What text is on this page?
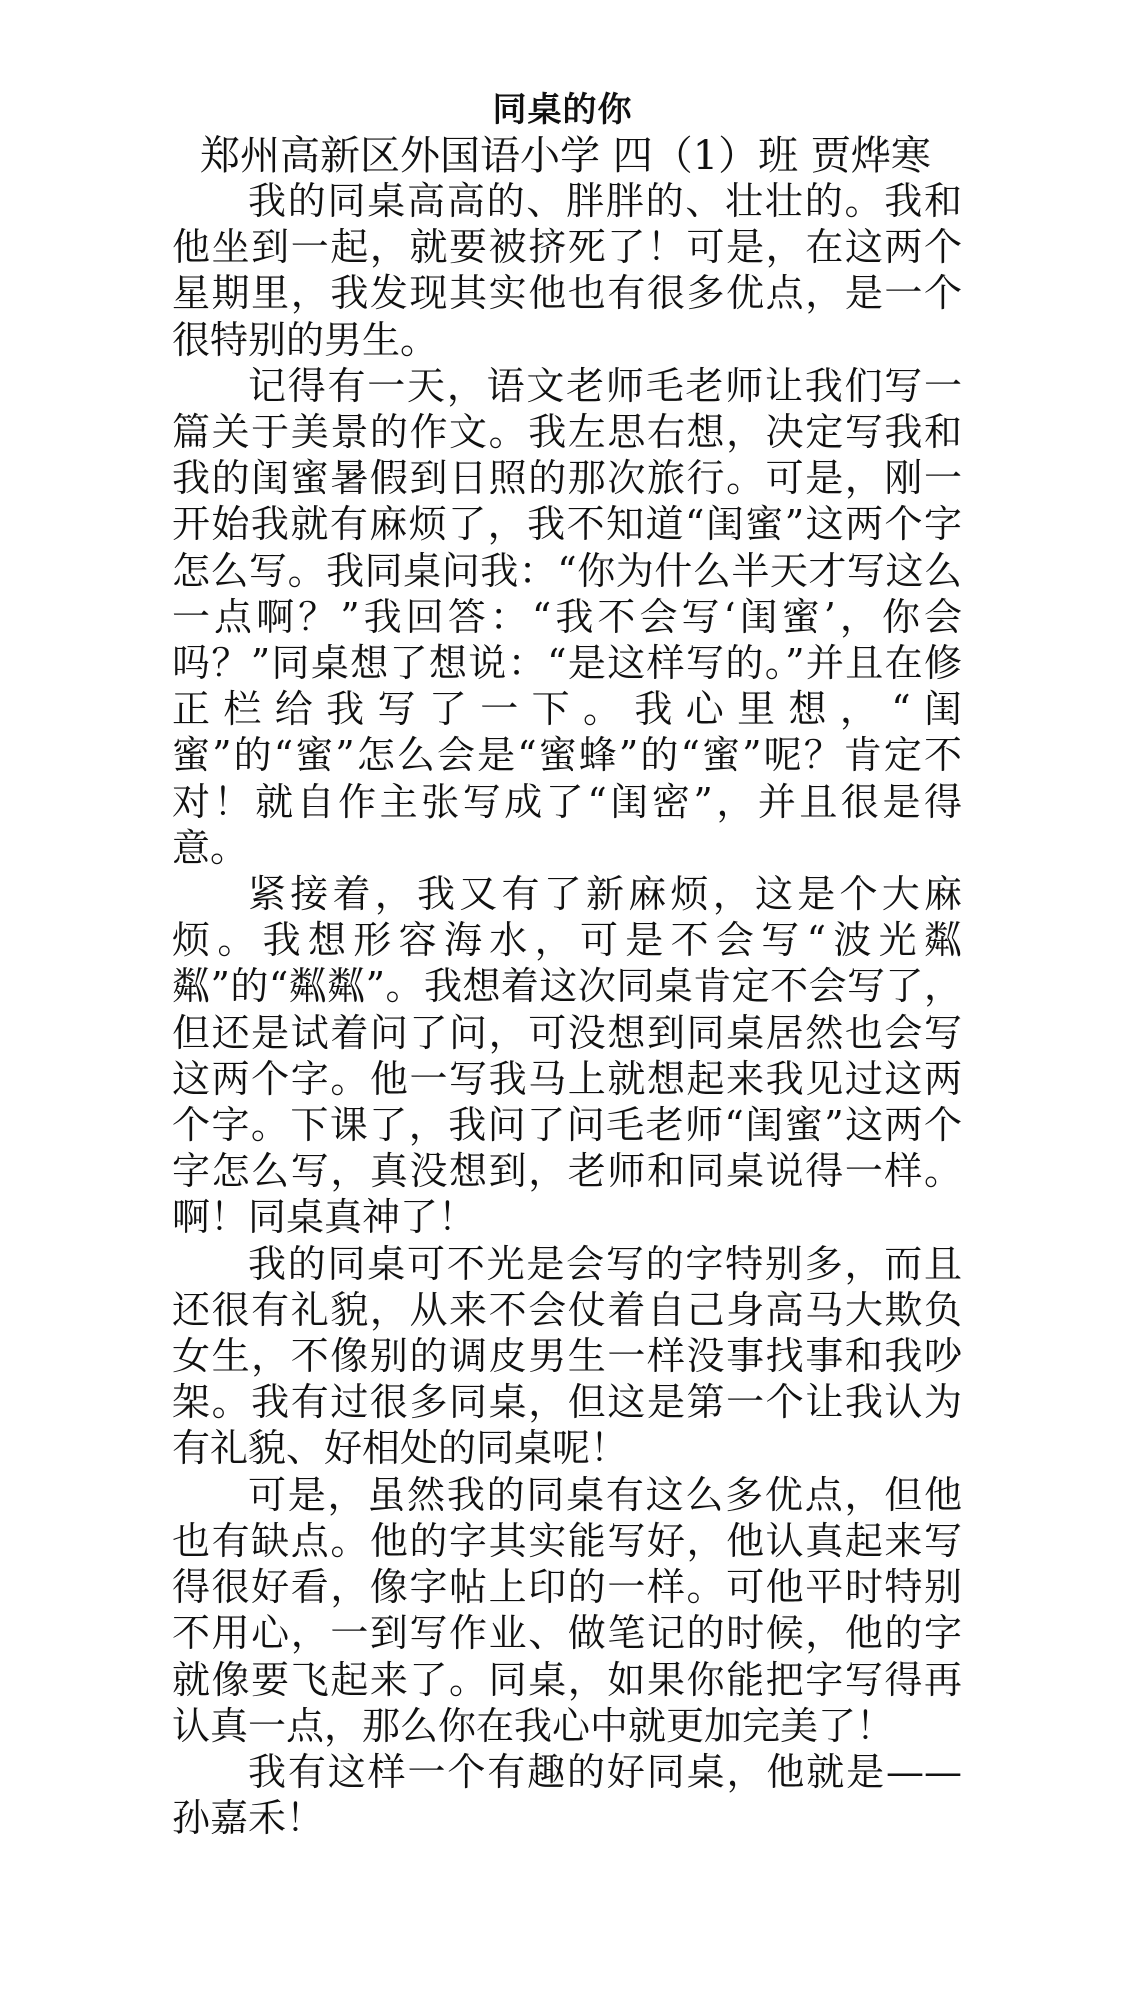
同桌的你
郑州高新区外国语小学 四（1）班 贾烨寒

我的同桌高高的、胖胖的、壮壮的。我和他坐到一起，就要被挤死了！可是，在这两个星期里，我发现其实他也有很多优点，是一个很特别的男生。

记得有一天，语文老师毛老师让我们写一篇关于美景的作文。我左思右想，决定写我和我的闺蜜暑假到日照的那次旅行。可是，刚一开始我就有麻烦了，我不知道“闺蜜”这两个字怎么写。我同桌问我：“你为什么半天才写这么一点啊？”我回答：“我不会写‘闺蜜’，你会吗？”同桌想了想说：“是这样写的。”并且在修正栏给我写了一下。我心里想，“闺蜜”的“蜜”怎么会是“蜜蜂”的“蜜”呢？肯定不对！就自作主张写成了“闺密”，并且很是得意。

紧接着，我又有了新麻烦，这是个大麻烦。我想形容海水，可是不会写“波光粼粼”的“粼粼”。我想着这次同桌肯定不会写了，但还是试着问了问，可没想到同桌居然也会写这两个字。他一写我马上就想起来我见过这两个字。下课了，我问了问毛老师“闺蜜”这两个字怎么写，真没想到，老师和同桌说得一样。啊！同桌真神了！

我的同桌可不光是会写的字特别多，而且还很有礼貌，从来不会仗着自己身高马大欺负女生，不像别的调皮男生一样没事找事和我吵架。我有过很多同桌，但这是第一个让我认为有礼貌、好相处的同桌呢！

可是，虽然我的同桌有这么多优点，但他也有缺点。他的字其实能写好，他认真起来写得很好看，像字帖上印的一样。可他平时特别不用心，一到写作业、做笔记的时候，他的字就像要飞起来了。同桌，如果你能把字写得再认真一点，那么你在我心中就更加完美了！

我有这样一个有趣的好同桌，他就是——孙嘉禾！
